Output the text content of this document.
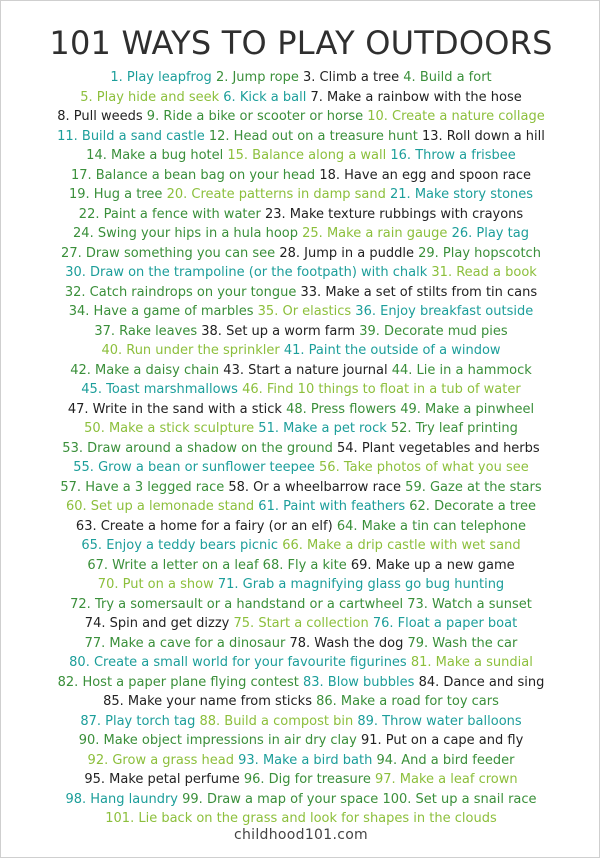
101 WAYS TO PLAY OUTDOORS
1. Play leapfrog 2. Jump rope 3. Climb a tree 4. Build a fort
5. Play hide and seek 6. Kick a ball 7. Make a rainbow with the hose
8. Pull weeds 9. Ride a bike or scooter or horse 10. Create a nature collage
11. Build a sand castle 12. Head out on a treasure hunt 13. Roll down a hill
14. Make a bug hotel 15. Balance along a wall 16. Throw a frisbee
17. Balance a bean bag on your head 18. Have an egg and spoon race
19. Hug a tree 20. Create patterns in damp sand 21. Make story stones
22. Paint a fence with water 23. Make texture rubbings with crayons
24. Swing your hips in a hula hoop 25. Make a rain gauge 26. Play tag
27. Draw something you can see 28. Jump in a puddle 29. Play hopscotch
30. Draw on the trampoline (or the footpath) with chalk 31. Read a book
32. Catch raindrops on your tongue 33. Make a set of stilts from tin cans
34. Have a game of marbles 35. Or elastics 36. Enjoy breakfast outside
37. Rake leaves 38. Set up a worm farm 39. Decorate mud pies
40. Run under the sprinkler 41. Paint the outside of a window
42. Make a daisy chain 43. Start a nature journal 44. Lie in a hammock
45. Toast marshmallows 46. Find 10 things to float in a tub of water
47. Write in the sand with a stick 48. Press flowers 49. Make a pinwheel
50. Make a stick sculpture 51. Make a pet rock 52. Try leaf printing
53. Draw around a shadow on the ground 54. Plant vegetables and herbs
55. Grow a bean or sunflower teepee 56. Take photos of what you see
57. Have a 3 legged race 58. Or a wheelbarrow race 59. Gaze at the stars
60. Set up a lemonade stand 61. Paint with feathers 62. Decorate a tree
63. Create a home for a fairy (or an elf) 64. Make a tin can telephone
65. Enjoy a teddy bears picnic 66. Make a drip castle with wet sand
67. Write a letter on a leaf 68. Fly a kite 69. Make up a new game
70. Put on a show 71. Grab a magnifying glass go bug hunting
72. Try a somersault or a handstand or a cartwheel 73. Watch a sunset
74. Spin and get dizzy 75. Start a collection 76. Float a paper boat
77. Make a cave for a dinosaur 78. Wash the dog 79. Wash the car
80. Create a small world for your favourite figurines 81. Make a sundial
82. Host a paper plane flying contest 83. Blow bubbles 84. Dance and sing
85. Make your name from sticks 86. Make a road for toy cars
87. Play torch tag 88. Build a compost bin 89. Throw water balloons
90. Make object impressions in air dry clay 91. Put on a cape and fly
92. Grow a grass head 93. Make a bird bath 94. And a bird feeder
95. Make petal perfume 96. Dig for treasure 97. Make a leaf crown
98. Hang laundry 99. Draw a map of your space 100. Set up a snail race
101. Lie back on the grass and look for shapes in the clouds
childhood101.com
